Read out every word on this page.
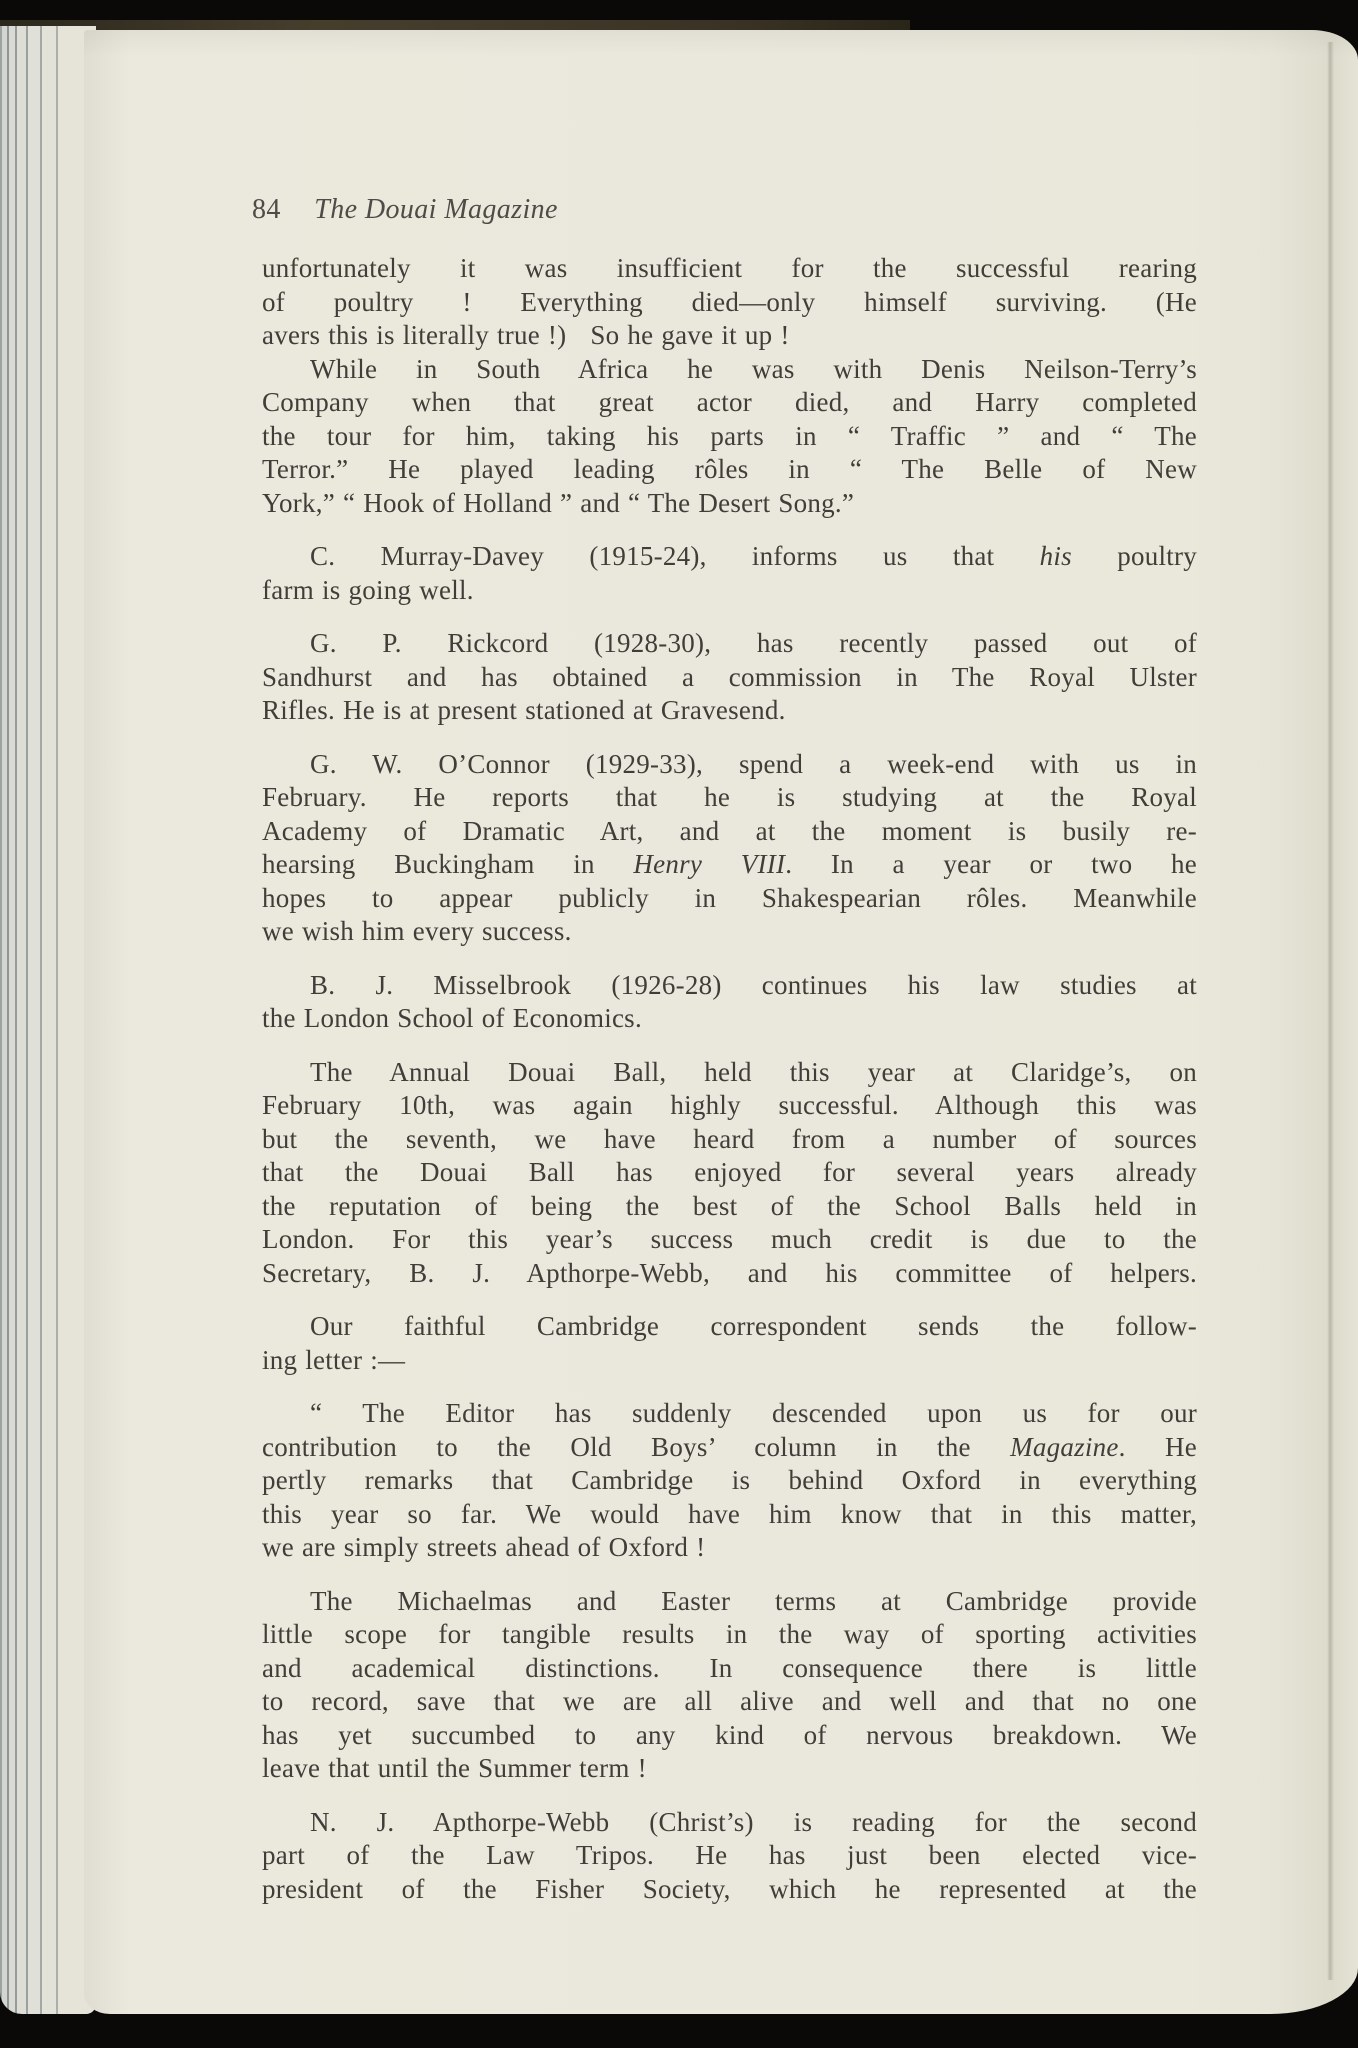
84 The Douai Magazine
unfortunately it was insufficient for the successful rearing
of poultry ! Everything died—only himself surviving. (He
avers this is literally true !)   So he gave it up !
While in South Africa he was with Denis Neilson-Terry’s
Company when that great actor died, and Harry completed
the tour for him, taking his parts in “ Traffic ” and “ The
Terror.” He played leading rôles in “ The Belle of New
York,” “ Hook of Holland ” and “ The Desert Song.”
C. Murray-Davey (1915-24), informs us that his poultry
farm is going well.
G. P. Rickcord (1928-30), has recently passed out of
Sandhurst and has obtained a commission in The Royal Ulster
Rifles. He is at present stationed at Gravesend.
G. W. O’Connor (1929-33), spend a week-end with us in
February. He reports that he is studying at the Royal
Academy of Dramatic Art, and at the moment is busily re-
hearsing Buckingham in Henry VIII. In a year or two he
hopes to appear publicly in Shakespearian rôles. Meanwhile
we wish him every success.
B. J. Misselbrook (1926-28) continues his law studies at
the London School of Economics.
The Annual Douai Ball, held this year at Claridge’s, on
February 10th, was again highly successful. Although this was
but the seventh, we have heard from a number of sources
that the Douai Ball has enjoyed for several years already
the reputation of being the best of the School Balls held in
London. For this year’s success much credit is due to the
Secretary, B. J. Apthorpe-Webb, and his committee of helpers.
Our faithful Cambridge correspondent sends the follow-
ing letter :—
“ The Editor has suddenly descended upon us for our
contribution to the Old Boys’ column in the Magazine. He
pertly remarks that Cambridge is behind Oxford in everything
this year so far. We would have him know that in this matter,
we are simply streets ahead of Oxford !
The Michaelmas and Easter terms at Cambridge provide
little scope for tangible results in the way of sporting activities
and academical distinctions. In consequence there is little
to record, save that we are all alive and well and that no one
has yet succumbed to any kind of nervous breakdown. We
leave that until the Summer term !
N. J. Apthorpe-Webb (Christ’s) is reading for the second
part of the Law Tripos. He has just been elected vice-
president of the Fisher Society, which he represented at the
